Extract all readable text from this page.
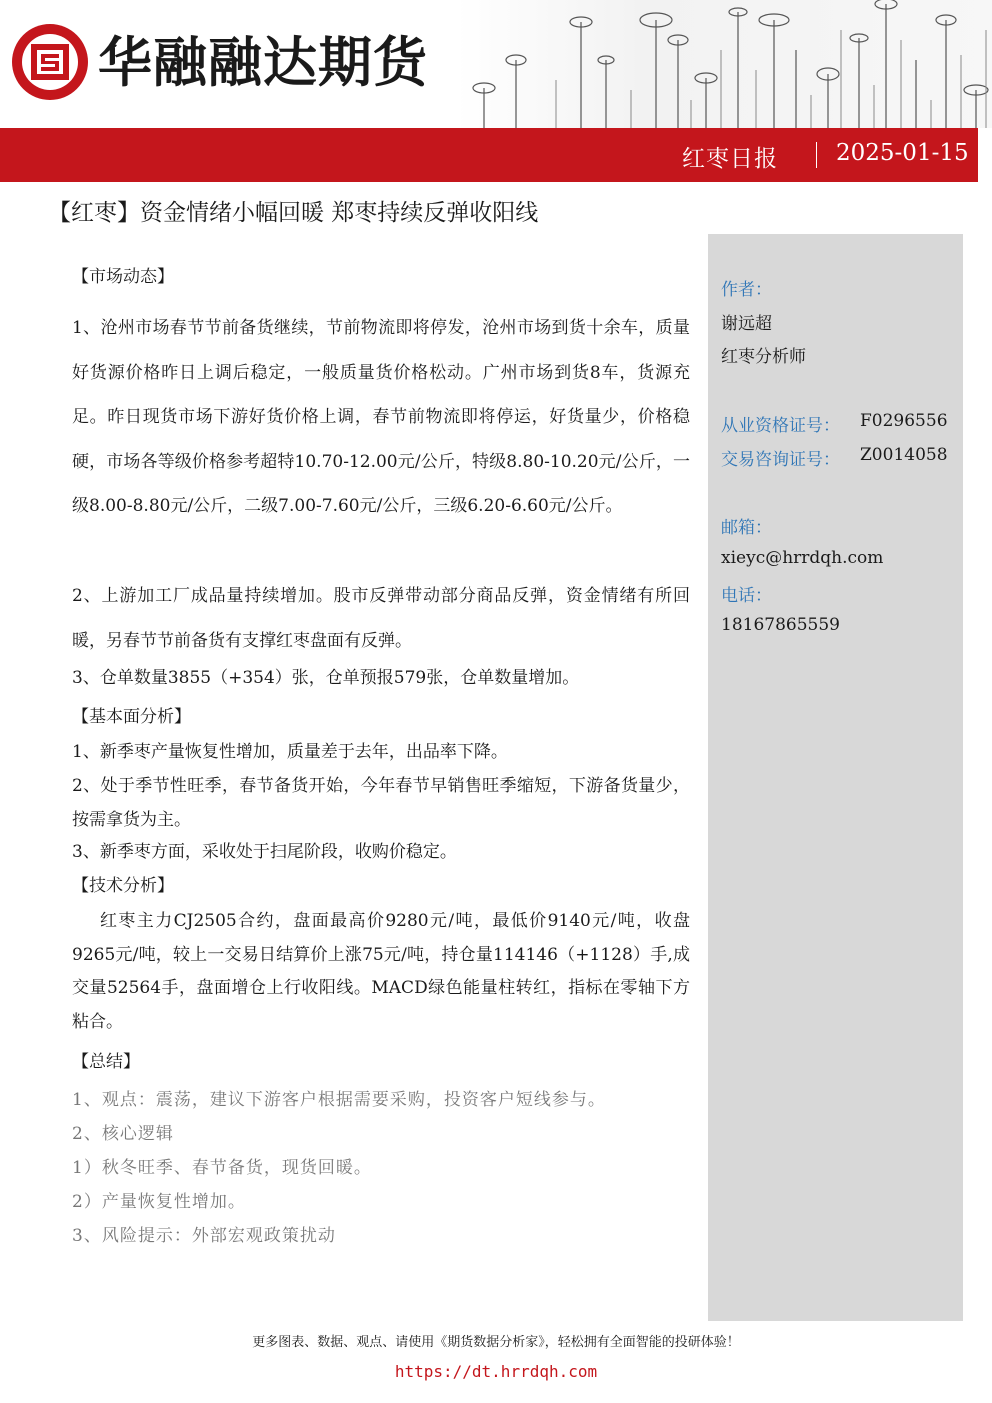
华融融达期货
红枣日报	2025-01-15
【红枣】资金情绪小幅回暖 郑枣持续反弹收阳线
作者：
谢远超
红枣分析师
从业资格证号： F0296556
交易咨询证号： Z0014058
邮箱：
xieyc@hrrdqh.com
电话：
18167865559
【市场动态】
1、沧州市场春节节前备货继续，节前物流即将停发，沧州市场到货十余车，质量好货源价格昨日上调后稳定，一般质量货价格松动。广州市场到货8车，货源充足。昨日现货市场下游好货价格上调，春节前物流即将停运，好货量少，价格稳硬，市场各等级价格参考超特10.70-12.00元/公斤，特级8.80-10.20元/公斤，一级8.00-8.80元/公斤，二级7.00-7.60元/公斤，三级6.20-6.60元/公斤。
2、上游加工厂成品量持续增加。股市反弹带动部分商品反弹，资金情绪有所回暖，另春节节前备货有支撑红枣盘面有反弹。
3、仓单数量3855（+354）张，仓单预报579张，仓单数量增加。
【基本面分析】
1、新季枣产量恢复性增加，质量差于去年，出品率下降。
2、处于季节性旺季，春节备货开始，今年春节早销售旺季缩短，下游备货量少，按需拿货为主。
3、新季枣方面，采收处于扫尾阶段，收购价稳定。
【技术分析】
红枣主力CJ2505合约，盘面最高价9280元/吨，最低价9140元/吨，收盘9265元/吨，较上一交易日结算价上涨75元/吨，持仓量114146（+1128）手,成交量52564手，盘面增仓上行收阳线。MACD绿色能量柱转红，指标在零轴下方粘合。
【总结】
1、观点：震荡，建议下游客户根据需要采购，投资客户短线参与。
2、核心逻辑
1）秋冬旺季、春节备货，现货回暖。
2）产量恢复性增加。
3、风险提示：外部宏观政策扰动
更多图表、数据、观点、请使用《期货数据分析家》，轻松拥有全面智能的投研体验！
https://dt.hrrdqh.com
